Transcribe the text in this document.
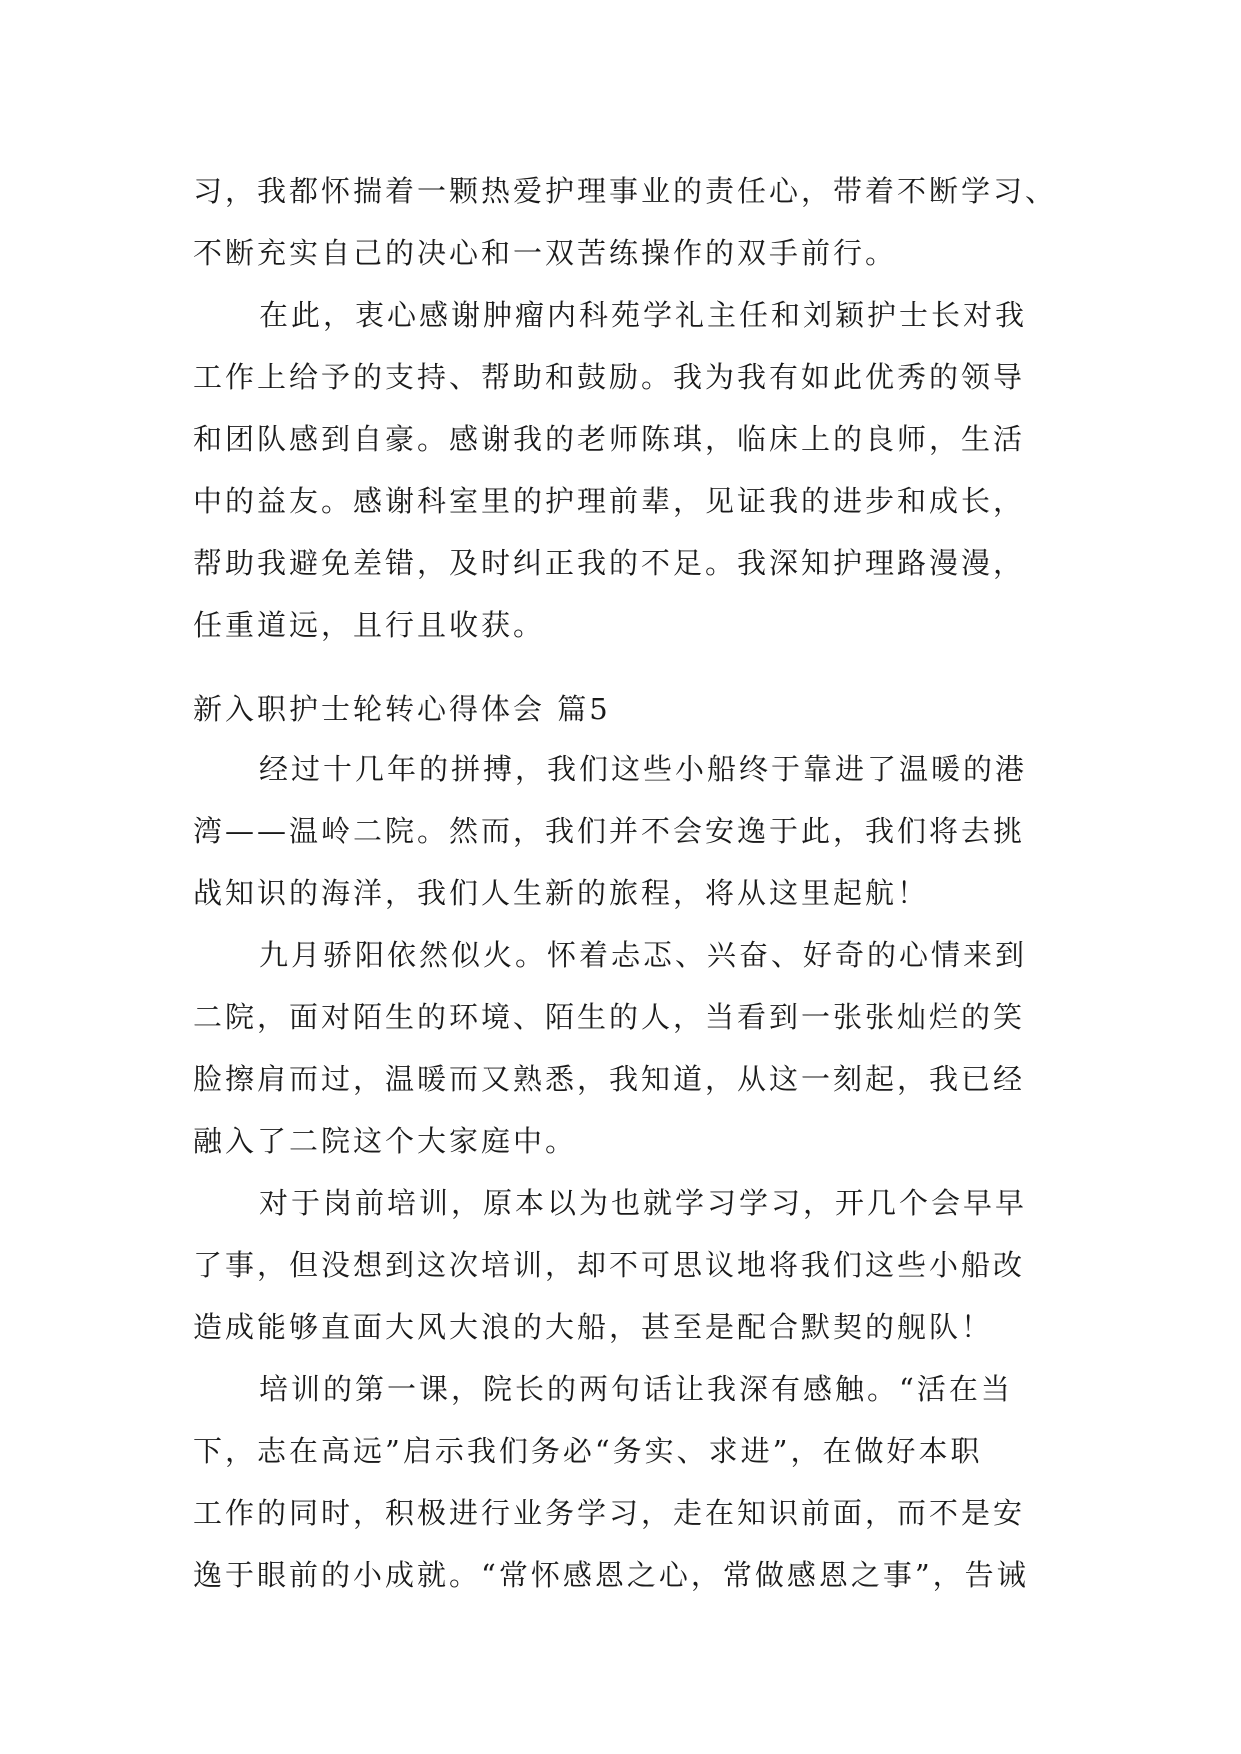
习，我都怀揣着一颗热爱护理事业的责任心，带着不断学习、
不断充实自己的决心和一双苦练操作的双手前行。
在此，衷心感谢肿瘤内科苑学礼主任和刘颖护士长对我
工作上给予的支持、帮助和鼓励。我为我有如此优秀的领导
和团队感到自豪。感谢我的老师陈琪，临床上的良师，生活
中的益友。感谢科室里的护理前辈，见证我的进步和成长，
帮助我避免差错，及时纠正我的不足。我深知护理路漫漫，
任重道远，且行且收获。
新入职护士轮转心得体会 篇5
经过十几年的拼搏，我们这些小船终于靠进了温暖的港
湾——温岭二院。然而，我们并不会安逸于此，我们将去挑
战知识的海洋，我们人生新的旅程，将从这里起航！
九月骄阳依然似火。怀着忐忑、兴奋、好奇的心情来到
二院，面对陌生的环境、陌生的人，当看到一张张灿烂的笑
脸擦肩而过，温暖而又熟悉，我知道，从这一刻起，我已经
融入了二院这个大家庭中。
对于岗前培训，原本以为也就学习学习，开几个会早早
了事，但没想到这次培训，却不可思议地将我们这些小船改
造成能够直面大风大浪的大船，甚至是配合默契的舰队！
培训的第一课，院长的两句话让我深有感触。“活在当
下，志在高远”启示我们务必“务实、求进”，在做好本职
工作的同时，积极进行业务学习，走在知识前面，而不是安
逸于眼前的小成就。“常怀感恩之心，常做感恩之事”，告诫
